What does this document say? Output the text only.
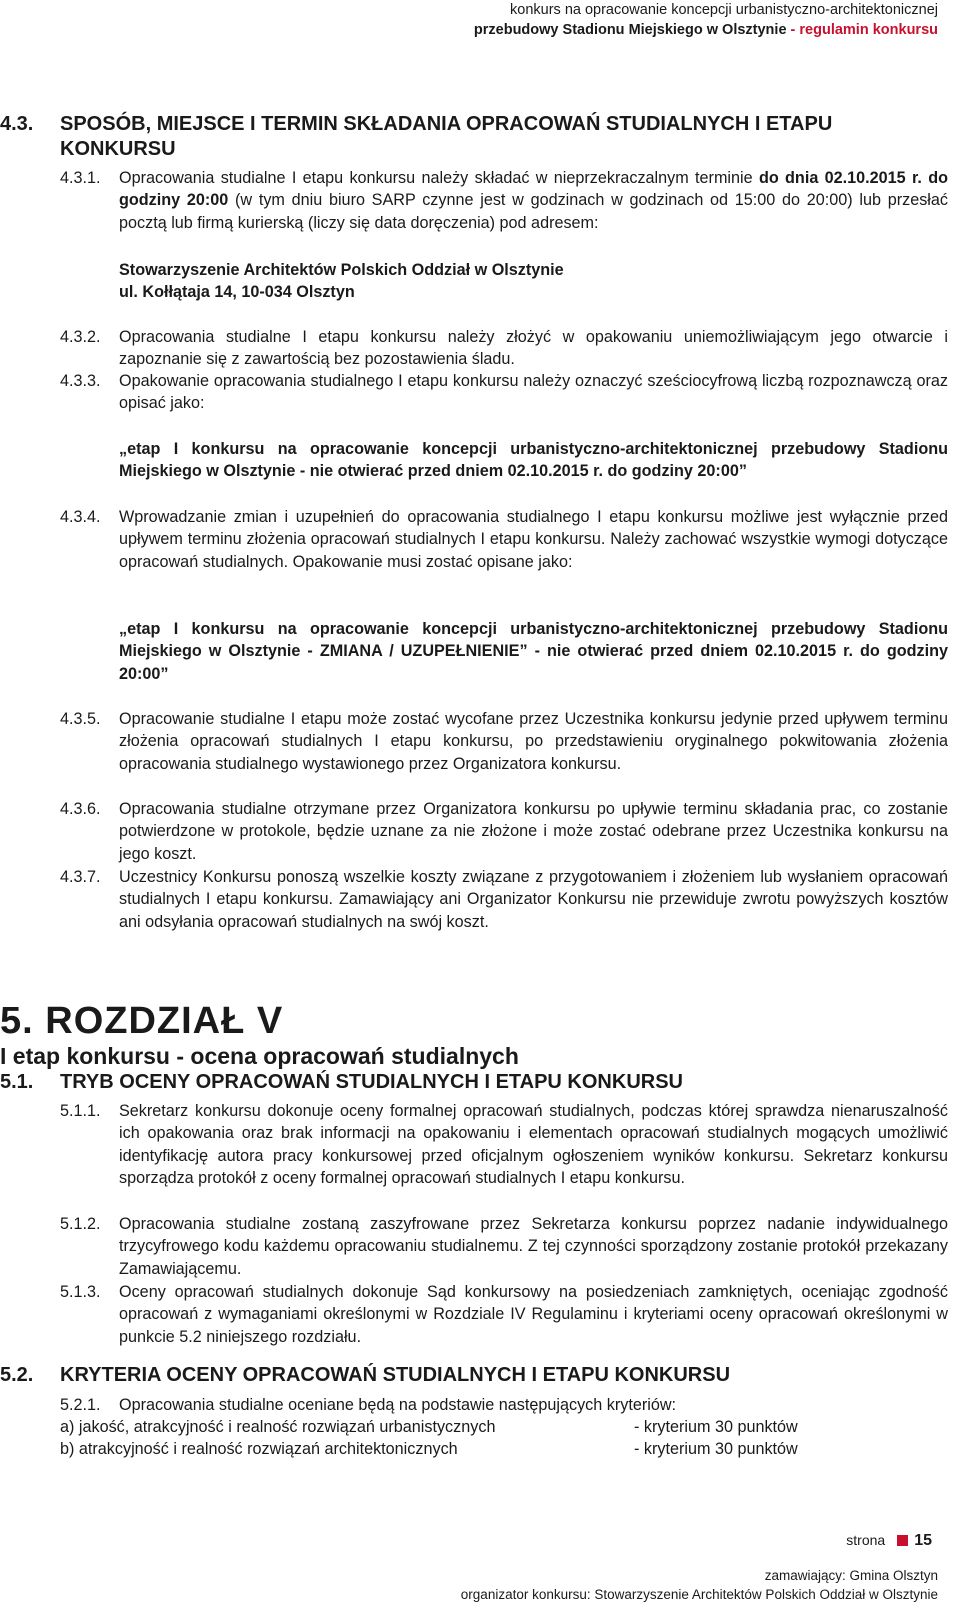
konkurs na opracowanie koncepcji urbanistyczno-architektonicznej
przebudowy Stadionu Miejskiego w Olsztynie - regulamin konkursu
4.3. SPOSÓB, MIEJSCE I TERMIN SKŁADANIA OPRACOWAŃ STUDIALNYCH I ETAPU KONKURSU
4.3.1. Opracowania studialne I etapu konkursu należy składać w nieprzekraczalnym terminie do dnia 02.10.2015 r. do godziny 20:00 (w tym dniu biuro SARP czynne jest w godzinach w godzinach od 15:00 do 20:00) lub przesłać pocztą lub firmą kurierską (liczy się data doręczenia) pod adresem:
Stowarzyszenie Architektów Polskich Oddział w Olsztynie
ul. Kołłątaja 14, 10-034 Olsztyn
4.3.2. Opracowania studialne I etapu konkursu należy złożyć w opakowaniu uniemożliwiającym jego otwarcie i zapoznanie się z zawartością bez pozostawienia śladu.
4.3.3. Opakowanie opracowania studialnego I etapu konkursu należy oznaczyć sześciocyfrową liczbą rozpoznawczą oraz opisać jako:
„etap I konkursu na opracowanie koncepcji urbanistyczno-architektonicznej przebudowy Stadionu Miejskiego w Olsztynie - nie otwierać przed dniem 02.10.2015 r. do godziny 20:00”
4.3.4. Wprowadzanie zmian i uzupełnień do opracowania studialnego I etapu konkursu możliwe jest wyłącznie przed upływem terminu złożenia opracowań studialnych I etapu konkursu. Należy zachować wszystkie wymogi dotyczące opracowań studialnych. Opakowanie musi zostać opisane jako:
„etap I konkursu na opracowanie koncepcji urbanistyczno-architektonicznej przebudowy Stadionu Miejskiego w Olsztynie - ZMIANA / UZUPEŁNIENIE” - nie otwierać przed dniem 02.10.2015 r. do godziny 20:00”
4.3.5. Opracowanie studialne I etapu może zostać wycofane przez Uczestnika konkursu jedynie przed upływem terminu złożenia opracowań studialnych I etapu konkursu, po przedstawieniu oryginalnego pokwitowania złożenia opracowania studialnego wystawionego przez Organizatora konkursu.
4.3.6. Opracowania studialne otrzymane przez Organizatora konkursu po upływie terminu składania prac, co zostanie potwierdzone w protokole, będzie uznane za nie złożone i może zostać odebrane przez Uczestnika konkursu na jego koszt.
4.3.7. Uczestnicy Konkursu ponoszą wszelkie koszty związane z przygotowaniem i złożeniem lub wysłaniem opracowań studialnych I etapu konkursu. Zamawiający ani Organizator Konkursu nie przewiduje zwrotu powyższych kosztów ani odsyłania opracowań studialnych na swój koszt.
5. ROZDZIAŁ V
I etap konkursu - ocena opracowań studialnych
5.1. TRYB OCENY OPRACOWAŃ STUDIALNYCH I ETAPU KONKURSU
5.1.1. Sekretarz konkursu dokonuje oceny formalnej opracowań studialnych, podczas której sprawdza nienaruszalność ich opakowania oraz brak informacji na opakowaniu i elementach opracowań studialnych mogących umożliwić identyfikację autora pracy konkursowej przed oficjalnym ogłoszeniem wyników konkursu. Sekretarz konkursu sporządza protokół z oceny formalnej opracowań studialnych I etapu konkursu.
5.1.2. Opracowania studialne zostaną zaszyfrowane przez Sekretarza konkursu poprzez nadanie indywidualnego trzycyfrowego kodu każdemu opracowaniu studialnemu. Z tej czynności sporządzony zostanie protokół przekazany Zamawiającemu.
5.1.3. Oceny opracowań studialnych dokonuje Sąd konkursowy na posiedzeniach zamkniętych, oceniając zgodność opracowań z wymaganiami określonymi w Rozdziale IV Regulaminu i kryteriami oceny opracowań określonymi w punkcie 5.2 niniejszego rozdziału.
5.2. KRYTERIA OCENY OPRACOWAŃ STUDIALNYCH I ETAPU KONKURSU
5.2.1. Opracowania studialne oceniane będą na podstawie następujących kryteriów:
a) jakość, atrakcyjność i realność rozwiązań urbanistycznych	- kryterium 30 punktów
b) atrakcyjność i realność rozwiązań architektonicznych	- kryterium 30 punktów
strona 15
zamawiający: Gmina Olsztyn
organizator konkursu: Stowarzyszenie Architektów Polskich Oddział w Olsztynie
